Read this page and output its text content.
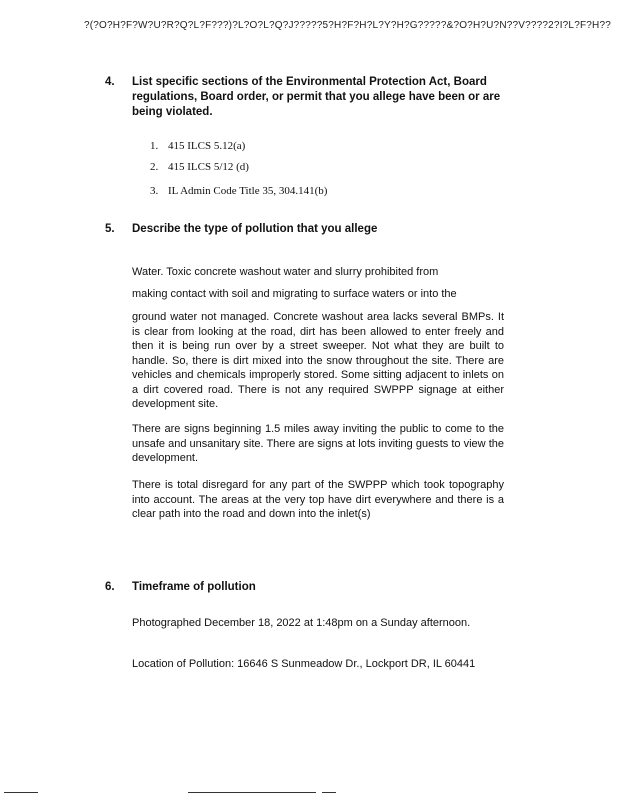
?(?O?H?F?W?U?R?Q?L?F???)?L?O?L?Q?J?????5?H?F?H?L?Y?H?G?????&?O?H?U?N??V????2?I?L?F?H??
4. List specific sections of the Environmental Protection Act, Board regulations, Board order, or permit that you allege have been or are being violated.
1. 415 ILCS 5.12(a)
2. 415 ILCS 5/12 (d)
3. IL Admin Code Title 35, 304.141(b)
5. Describe the type of pollution that you allege
Water. Toxic concrete washout water and slurry prohibited from
making contact with soil and migrating to surface waters or into the
ground water not managed. Concrete washout area lacks several BMPs. It is clear from looking at the road, dirt has been allowed to enter freely and then it is being run over by a street sweeper. Not what they are built to handle. So, there is dirt mixed into the snow throughout the site. There are vehicles and chemicals improperly stored. Some sitting adjacent to inlets on a dirt covered road. There is not any required SWPPP signage at either development site.
There are signs beginning 1.5 miles away inviting the public to come to the unsafe and unsanitary site. There are signs at lots inviting guests to view the development.
There is total disregard for any part of the SWPPP which took topography into account. The areas at the very top have dirt everywhere and there is a clear path into the road and down into the inlet(s)
6. Timeframe of pollution
Photographed December 18, 2022 at 1:48pm on a Sunday afternoon.
Location of Pollution: 16646 S Sunmeadow Dr., Lockport DR, IL 60441
